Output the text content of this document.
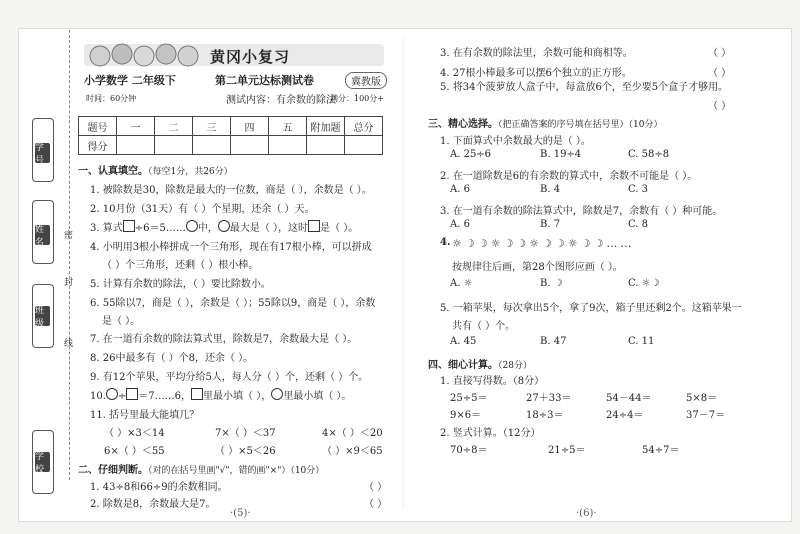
学号
姓名
班级
学校
密
封
线
黄冈小复习
小学数学 二年级下	第二单元达标测试卷	冀教版
时间：60分钟	测试内容：有余数的除法
满分：100分+
题号	一	二	三	四	五	附加题	总分
得分							
一、认真填空。（每空1分，共26分）
1. 被除数是30，除数是最大的一位数，商是（ ），余数是（ ）。
2. 10月份（31天）有（ ）个星期，还余（ ）天。
3. 算式 ÷6＝5…… 中， 最大是（ ），这时 是（ ）。
4. 小明用3根小棒拼成一个三角形，现在有17根小棒，可以拼成
（ ）个三角形，还剩（ ）根小棒。
5. 计算有余数的除法，（ ）要比除数小。
6. 55除以7，商是（ ），余数是（ ）；55除以9，商是（ ），余数
是（ ）。
7. 在一道有余数的除法算式里，除数是7，余数最大是（ ）。
8. 26中最多有（ ）个8，还余（ ）。
9. 有12个苹果，平均分给5人，每人分（ ）个，还剩（ ）个。
10. ÷ ＝7……6， 里最小填（ ）， 里最小填（ ）。
11. 括号里最大能填几？
（ ）×3＜14	7×（ ）＜37	4×（ ）＜20
6×（ ）＜55	（ ）×5＜26	（ ）×9＜65
二、仔细判断。（对的在括号里画"√"，错的画"×"）（10分）
1. 43÷8和66÷9的余数相同。	（ ）
2. 除数是8，余数最大是7。	（ ）
3. 在有余数的除法里，余数可能和商相等。	（ ）
4. 27根小棒最多可以摆6个独立的正方形。	（ ）
5. 将34个菠萝放人盒子中，每盒放6个，至少要5个盒子才够用。
（ ）
三、精心选择。（把正确答案的序号填在括号里）（10分）
1. 下面算式中余数最大的是（ ）。
A. 25÷6	B. 19÷4	C. 58÷8
2. 在一道除数是6的有余数的算式中，余数不可能是（ ）。
A. 6	B. 4	C. 3
3. 在一道有余数的除法算式中，除数是7，余数有（ ）种可能。
A. 6	B. 7	C. 8
4. ☼☽☽☼☽☽☼☽☽☼☽☽……
按规律往后画，第28个图形应画（ ）。
A. ☼	B. ☽	C. ☼☽
5. 一箱苹果，每次拿出5个，拿了9次，箱子里还剩2个。这箱苹果一
共有（ ）个。
A. 45	B. 47	C. 11
四、细心计算。（28分）
1. 直接写得数。（8分）
25÷5＝	27＋33＝	54－44＝	5×8＝
9×6＝	18÷3＝	24÷4＝	37－7＝
2. 竖式计算。（12分）
70÷8＝	21÷5＝	54÷7＝
·(5)·	·(6)·
